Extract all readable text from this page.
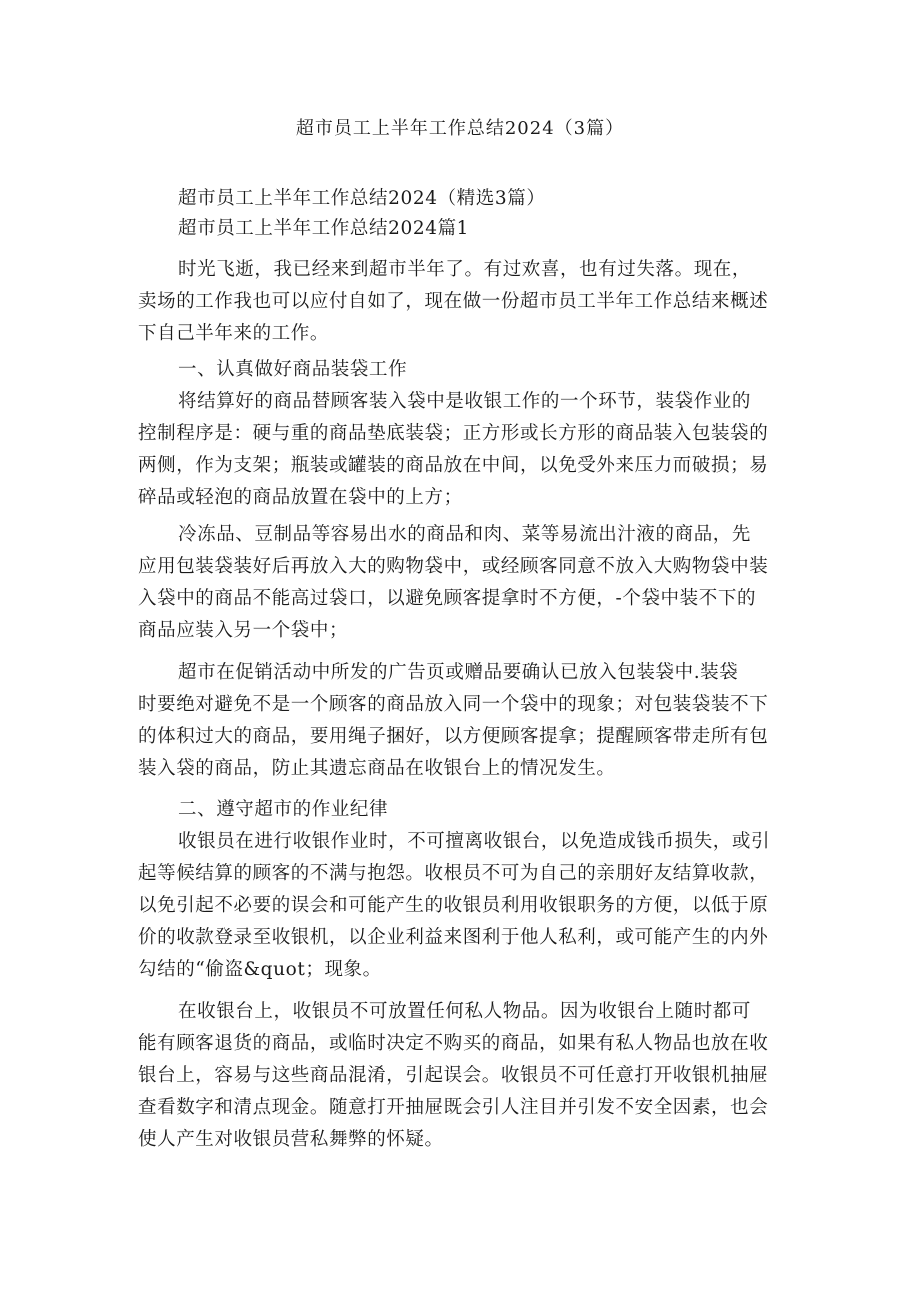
超市员工上半年工作总结2024（3篇）
超市员工上半年工作总结2024（精选3篇）
超市员工上半年工作总结2024篇1
时光飞逝，我已经来到超市半年了。有过欢喜，也有过失落。现在，
卖场的工作我也可以应付自如了，现在做一份超市员工半年工作总结来概述
下自己半年来的工作。
一、认真做好商品装袋工作
将结算好的商品替顾客装入袋中是收银工作的一个环节，装袋作业的
控制程序是：硬与重的商品垫底装袋；正方形或长方形的商品装入包装袋的
两侧，作为支架；瓶装或罐装的商品放在中间，以免受外来压力而破损；易
碎品或轻泡的商品放置在袋中的上方；
冷冻品、豆制品等容易出水的商品和肉、菜等易流出汁液的商品，先
应用包装袋装好后再放入大的购物袋中，或经顾客同意不放入大购物袋中装
入袋中的商品不能高过袋口，以避免顾客提拿时不方便，-个袋中装不下的
商品应装入另一个袋中；
超市在促销活动中所发的广告页或赠品要确认已放入包装袋中.装袋
时要绝对避免不是一个顾客的商品放入同一个袋中的现象；对包装袋装不下
的体积过大的商品，要用绳子捆好，以方便顾客提拿；提醒顾客带走所有包
装入袋的商品，防止其遗忘商品在收银台上的情况发生。
二、遵守超市的作业纪律
收银员在进行收银作业时，不可擅离收银台，以免造成钱币损失，或引
起等候结算的顾客的不满与抱怨。收根员不可为自己的亲朋好友结算收款，
以免引起不必要的误会和可能产生的收银员利用收银职务的方便，以低于原
价的收款登录至收银机，以企业利益来图利于他人私利，或可能产生的内外
勾结的“偷盗&quot；现象。
在收银台上，收银员不可放置任何私人物品。因为收银台上随时都可
能有顾客退货的商品，或临时决定不购买的商品，如果有私人物品也放在收
银台上，容易与这些商品混淆，引起误会。收银员不可任意打开收银机抽屉
查看数字和清点现金。随意打开抽屉既会引人注目并引发不安全因素，也会
使人产生对收银员营私舞弊的怀疑。
